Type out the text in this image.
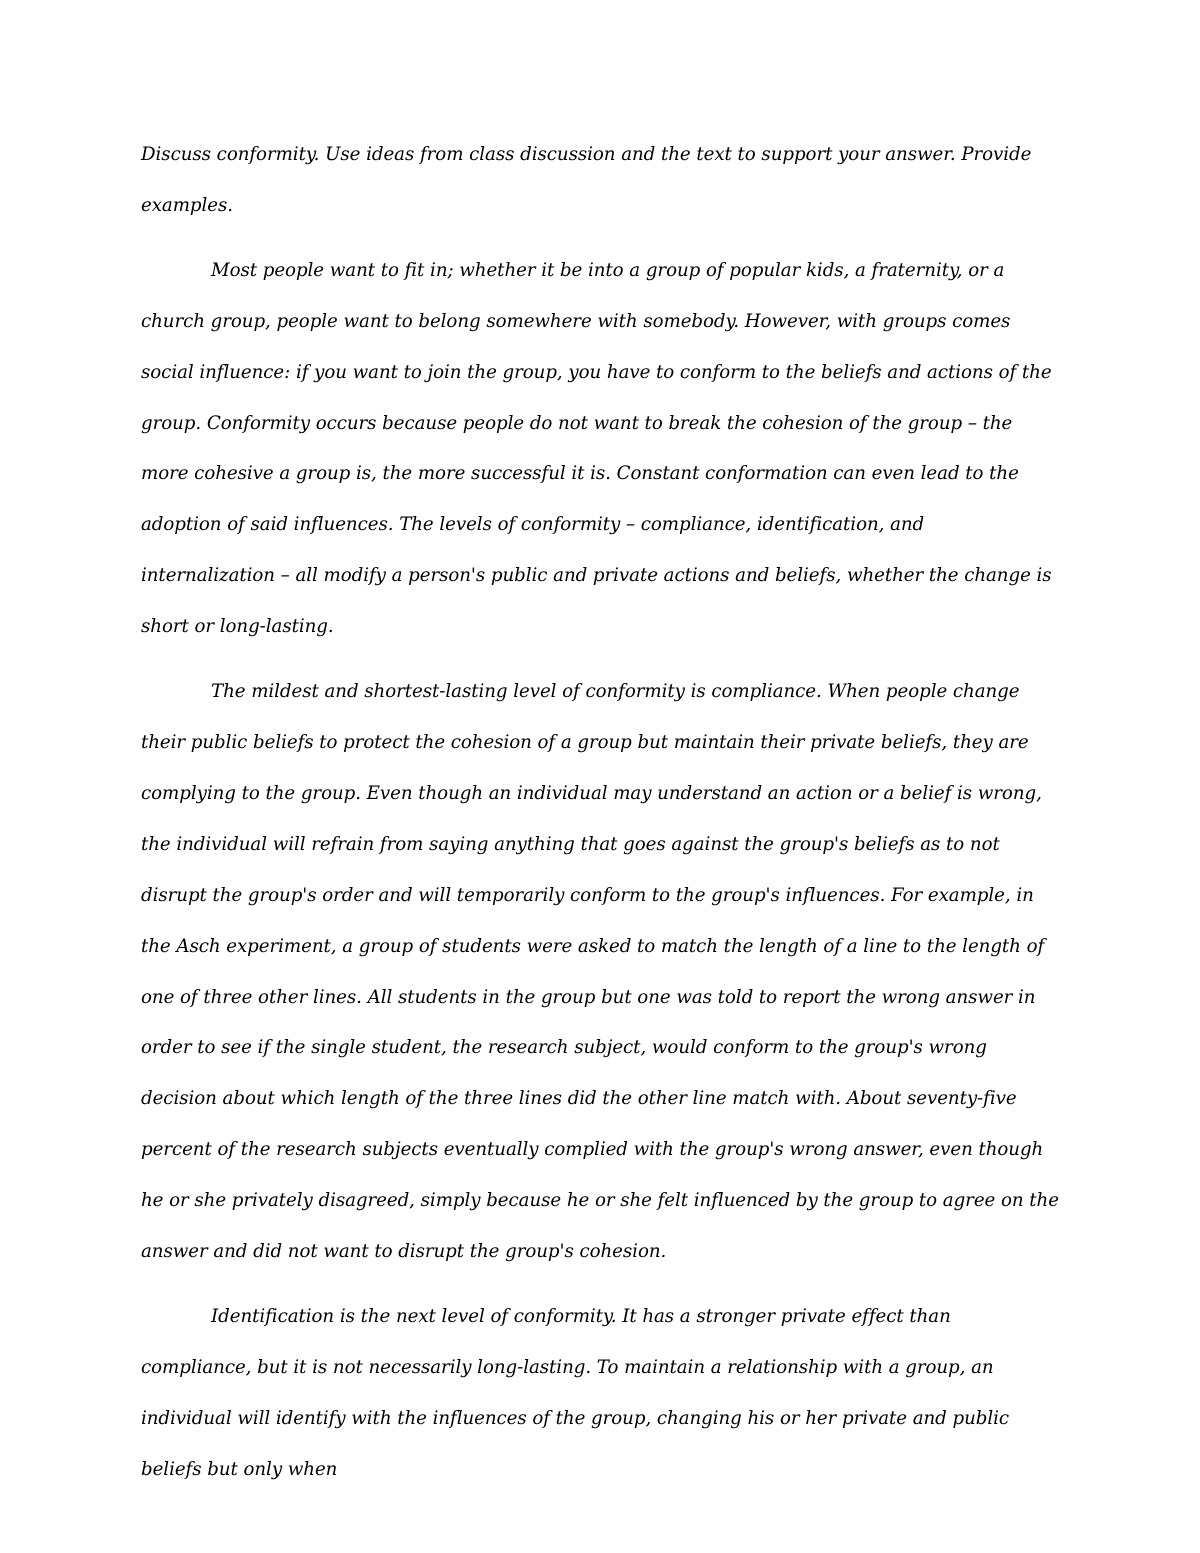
Discuss conformity. Use ideas from class discussion and the text to support your answer. Provide examples.

Most people want to fit in; whether it be into a group of popular kids, a fraternity, or a church group, people want to belong somewhere with somebody. However, with groups comes social influence: if you want to join the group, you have to conform to the beliefs and actions of the group. Conformity occurs because people do not want to break the cohesion of the group – the more cohesive a group is, the more successful it is. Constant conformation can even lead to the adoption of said influences. The levels of conformity – compliance, identification, and internalization – all modify a person's public and private actions and beliefs, whether the change is short or long-lasting.

The mildest and shortest-lasting level of conformity is compliance. When people change their public beliefs to protect the cohesion of a group but maintain their private beliefs, they are complying to the group. Even though an individual may understand an action or a belief is wrong, the individual will refrain from saying anything that goes against the group's beliefs as to not disrupt the group's order and will temporarily conform to the group's influences. For example, in the Asch experiment, a group of students were asked to match the length of a line to the length of one of three other lines. All students in the group but one was told to report the wrong answer in order to see if the single student, the research subject, would conform to the group's wrong decision about which length of the three lines did the other line match with. About seventy-five percent of the research subjects eventually complied with the group's wrong answer, even though he or she privately disagreed, simply because he or she felt influenced by the group to agree on the answer and did not want to disrupt the group's cohesion.

Identification is the next level of conformity. It has a stronger private effect than compliance, but it is not necessarily long-lasting. To maintain a relationship with a group, an individual will identify with the influences of the group, changing his or her private and public beliefs but only when
